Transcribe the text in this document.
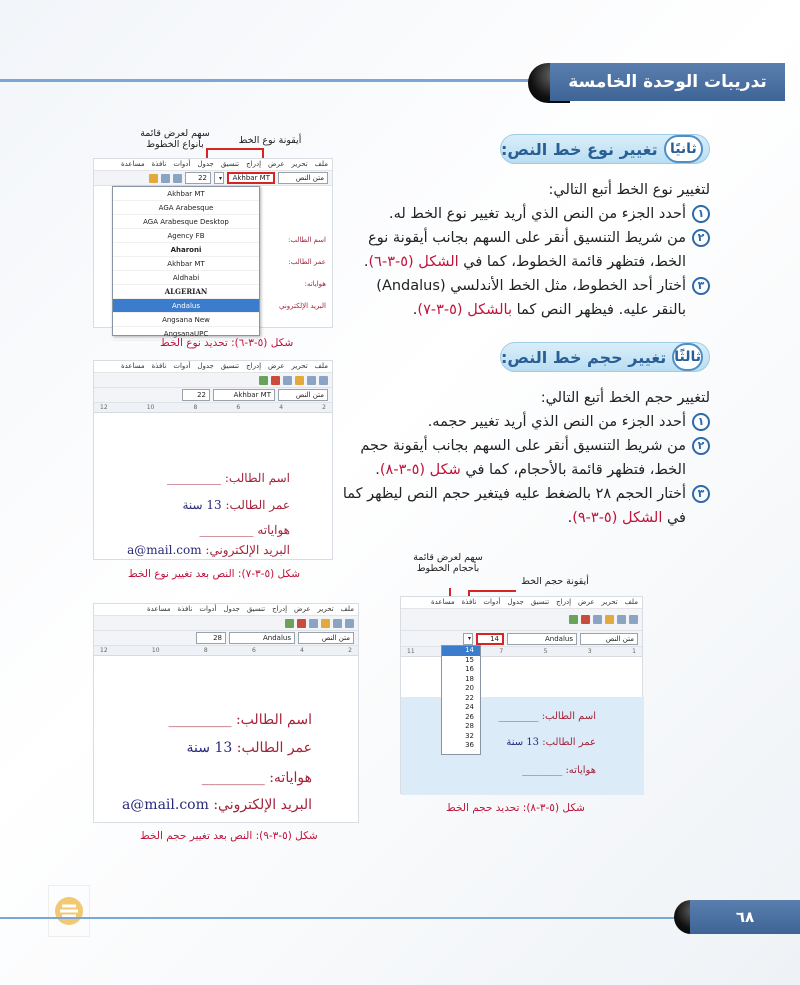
تدريبات الوحدة الخامسة
ثانيًا
تغيير نوع خط النص:
لتغيير نوع الخط أتبع التالي:
١
أحدد الجزء من النص الذي أريد تغيير نوع الخط له.
٢
من شريط التنسيق أنقر على السهم بجانب أيقونة نوع الخط، فتظهر قائمة الخطوط، كما في الشكل (٥-٣-٦).
٣
أختار أحد الخطوط، مثل الخط الأندلسي (Andalus) بالنقر عليه. فيظهر النص كما بالشكل (٥-٣-٧).
ثالثًا
تغيير حجم خط النص:
لتغيير حجم الخط أتبع التالي:
١
أحدد الجزء من النص الذي أريد تغيير حجمه.
٢
من شريط التنسيق أنقر على السهم بجانب أيقونة حجم الخط، فتظهر قائمة بالأحجام، كما في شكل (٥-٣-٨).
٣
أختار الحجم ٢٨ بالضغط عليه فيتغير حجم النص ليظهر كما في الشكل (٥-٣-٩).
سهم لعرض قائمة بأنواع الخطوط	أيقونة نوع الخط
ملف
تحرير
عرض
إدراج
تنسيق
جدول
أدوات
نافذة
مساعدة
متن النص
Akhbar MT
▾
22
Akhbar MT
AGA Arabesque
AGA Arabesque Desktop
Agency FB
Aharoni
Akhbar MT
Aldhabi
ALGERIAN
Andalus
Angsana New
AngsanaUPC
اسم الطالب:
عمر الطالب:
هواياته:
البريد الإلكتروني
شكل (٥-٣-٦): تحديد نوع الخط
ملف
تحرير
عرض
إدراج
تنسيق
جدول
أدوات
نافذة
مساعدة
متن النص
Akhbar MT
22
12	10	8	6	4	2
اسم الطالب: _________
عمر الطالب: 13 سنة
هواياته _________
البريد الإلكتروني: a@mail.com
شكل (٥-٣-٧): النص بعد تغيير نوع الخط
سهم لعرض قائمة بأحجام الخطوط
أيقونة حجم الخط
ملف
تحرير
عرض
إدراج
تنسيق
جدول
أدوات
نافذة
مساعدة
متن النص
Andalus
14
▾
11	7	5	3	1
14
15
16
18
20
22
24
26
28
32
36
اسم الطالب: ________
عمر الطالب: 13 سنة
هواياته: ________
شكل (٥-٣-٨): تحديد حجم الخط
ملف
تحرير
عرض
إدراج
تنسيق
جدول
أدوات
نافذة
مساعدة
متن النص
Andalus
28
12	10	8	6	4	2
اسم الطالب: _________
عمر الطالب: 13 سنة
هواياته: _________
البريد الإلكتروني: a@mail.com
شكل (٥-٣-٩): النص بعد تغيير حجم الخط
٦٨
